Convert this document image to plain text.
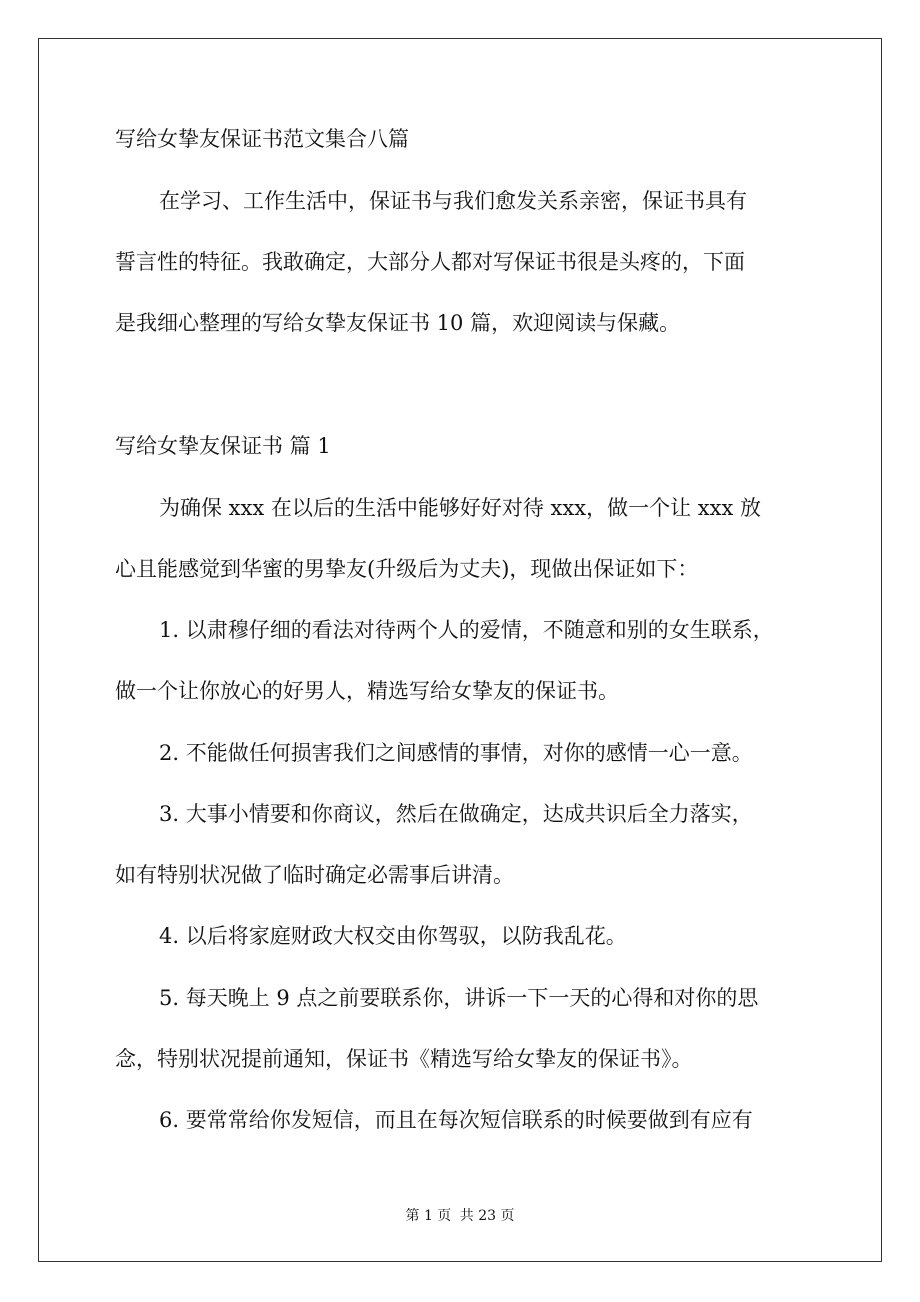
写给女挚友保证书范文集合八篇

在学习、工作生活中，保证书与我们愈发关系亲密，保证书具有

誓言性的特征。我敢确定，大部分人都对写保证书很是头疼的，下面

是我细心整理的写给女挚友保证书 10 篇，欢迎阅读与保藏。

写给女挚友保证书 篇 1

为确保 xxx 在以后的生活中能够好好对待 xxx，做一个让 xxx 放

心且能感觉到华蜜的男挚友(升级后为丈夫)，现做出保证如下：

1. 以肃穆仔细的看法对待两个人的爱情，不随意和别的女生联系，

做一个让你放心的好男人，精选写给女挚友的保证书。

2. 不能做任何损害我们之间感情的事情，对你的感情一心一意。

3. 大事小情要和你商议，然后在做确定，达成共识后全力落实，

如有特别状况做了临时确定必需事后讲清。

4. 以后将家庭财政大权交由你驾驭，以防我乱花。

5. 每天晚上 9 点之前要联系你，讲诉一下一天的心得和对你的思

念，特别状况提前通知，保证书《精选写给女挚友的保证书》。

6. 要常常给你发短信，而且在每次短信联系的时候要做到有应有

第 1 页 共 23 页
